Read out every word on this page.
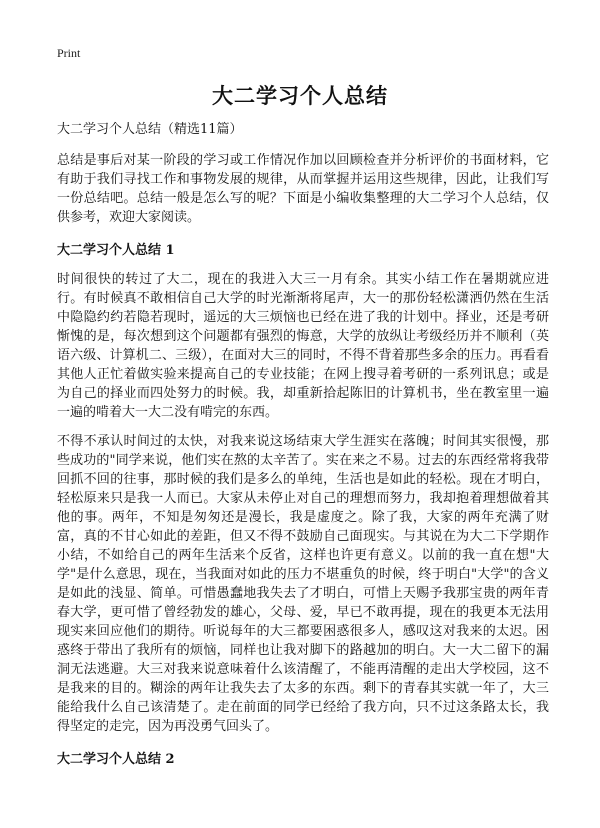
Print
大二学习个人总结
大二学习个人总结（精选11篇）

总结是事后对某一阶段的学习或工作情况作加以回顾检查并分析评价的书面材料，它有助于我们寻找工作和事物发展的规律，从而掌握并运用这些规律，因此，让我们写一份总结吧。总结一般是怎么写的呢？下面是小编收集整理的大二学习个人总结，仅供参考，欢迎大家阅读。

大二学习个人总结 1

时间很快的转过了大二，现在的我进入大三一月有余。其实小结工作在暑期就应进行。有时候真不敢相信自己大学的时光渐渐将尾声，大一的那份轻松潇洒仍然在生活中隐隐约约若隐若现时，遥远的大三烦恼也已经在进了我的计划中。择业，还是考研惭愧的是，每次想到这个问题都有强烈的悔意，大学的放纵让考级经历并不顺利（英语六级、计算机二、三级），在面对大三的同时，不得不背着那些多余的压力。再看看其他人正忙着做实验来提高自己的专业技能；在网上搜寻着考研的一系列讯息；或是为自己的择业而四处努力的时候。我，却重新拾起陈旧的计算机书，坐在教室里一遍一遍的啃着大一大二没有啃完的东西。

不得不承认时间过的太快，对我来说这场结束大学生涯实在落魄；时间其实很慢，那些成功的"同学来说，他们实在熬的太辛苦了。实在来之不易。过去的东西经常将我带回抓不回的往事，那时候的我们是多么的单纯，生活也是如此的轻松。现在才明白，轻松原来只是我一人而已。大家从未停止对自己的理想而努力，我却抱着理想做着其他的事。两年，不知是匆匆还是漫长，我是虚度之。除了我，大家的两年充满了财富，真的不甘心如此的差距，但又不得不鼓励自己面现实。与其说在为大二下学期作小结，不如给自己的两年生活来个反省，这样也许更有意义。以前的我一直在想"大学"是什么意思，现在，当我面对如此的压力不堪重负的时候，终于明白"大学"的含义是如此的浅显、简单。可惜愚蠢地我失去了才明白，可惜上天赐予我那宝贵的两年青春大学，更可惜了曾经勃发的雄心，父母、爱，早已不敢再提，现在的我更本无法用现实来回应他们的期待。听说每年的大三都要困惑很多人，感叹这对我来的太迟。困惑终于带出了我所有的烦恼，同样也让我对脚下的路越加的明白。大一大二留下的漏洞无法逃避。大三对我来说意味着什么该清醒了，不能再清醒的走出大学校园，这不是我来的目的。糊涂的两年让我失去了太多的东西。剩下的青春其实就一年了，大三能给我什么自己该清楚了。走在前面的同学已经给了我方向，只不过这条路太长，我得坚定的走完，因为再没勇气回头了。

大二学习个人总结 2
